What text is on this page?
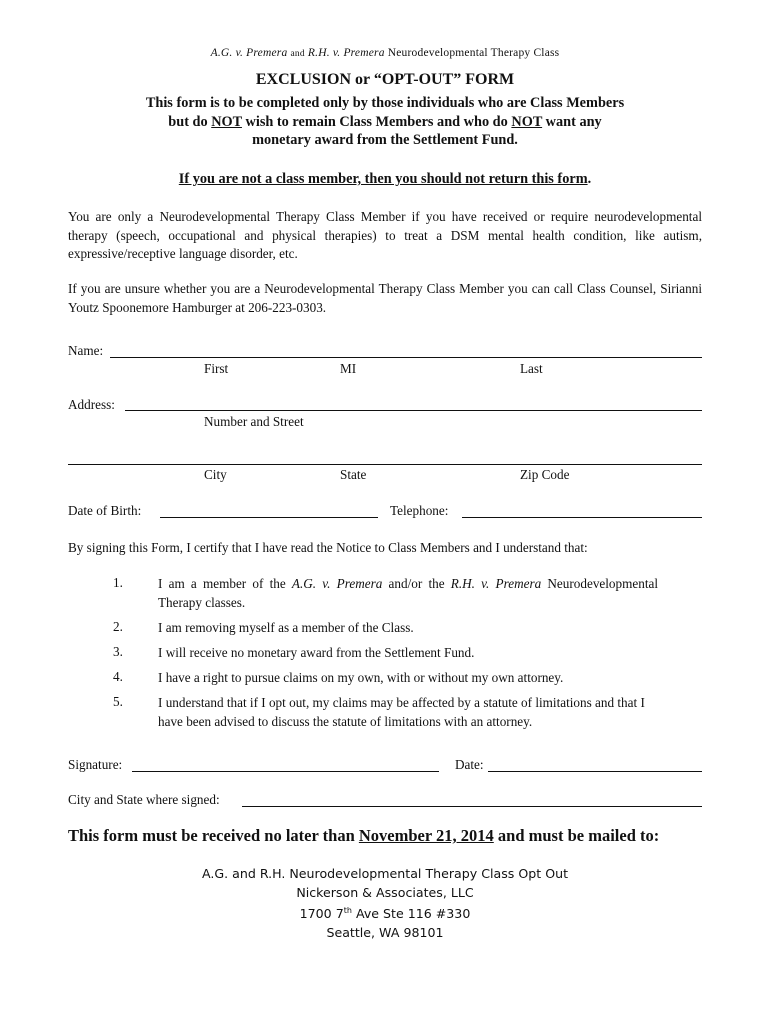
A.G. v. Premera and R.H. v. Premera Neurodevelopmental Therapy Class
EXCLUSION or “OPT-OUT” FORM
This form is to be completed only by those individuals who are Class Members
but do NOT wish to remain Class Members and who do NOT want any
monetary award from the Settlement Fund.
If you are not a class member, then you should not return this form.
You are only a Neurodevelopmental Therapy Class Member if you have received or require neurodevelopmental therapy (speech, occupational and physical therapies) to treat a DSM mental health condition, like autism, expressive/receptive language disorder, etc.
If you are unsure whether you are a Neurodevelopmental Therapy Class Member you can call Class Counsel, Sirianni Youtz Spoonemore Hamburger at 206-223-0303.
Name:
First	MI	Last
Address:
Number and Street
City	State	Zip Code
Date of Birth:	Telephone:
By signing this Form, I certify that I have read the Notice to Class Members and I understand that:
1.	I am a member of the A.G. v. Premera and/or the R.H. v. Premera Neurodevelopmental Therapy classes.
2.	I am removing myself as a member of the Class.
3.	I will receive no monetary award from the Settlement Fund.
4.	I have a right to pursue claims on my own, with or without my own attorney.
5.	I understand that if I opt out, my claims may be affected by a statute of limitations and that I have been advised to discuss the statute of limitations with an attorney.
Signature:	Date:
City and State where signed:
This form must be received no later than November 21, 2014 and must be mailed to:
A.G. and R.H. Neurodevelopmental Therapy Class Opt Out
Nickerson & Associates, LLC
1700 7th Ave Ste 116 #330
Seattle, WA 98101
